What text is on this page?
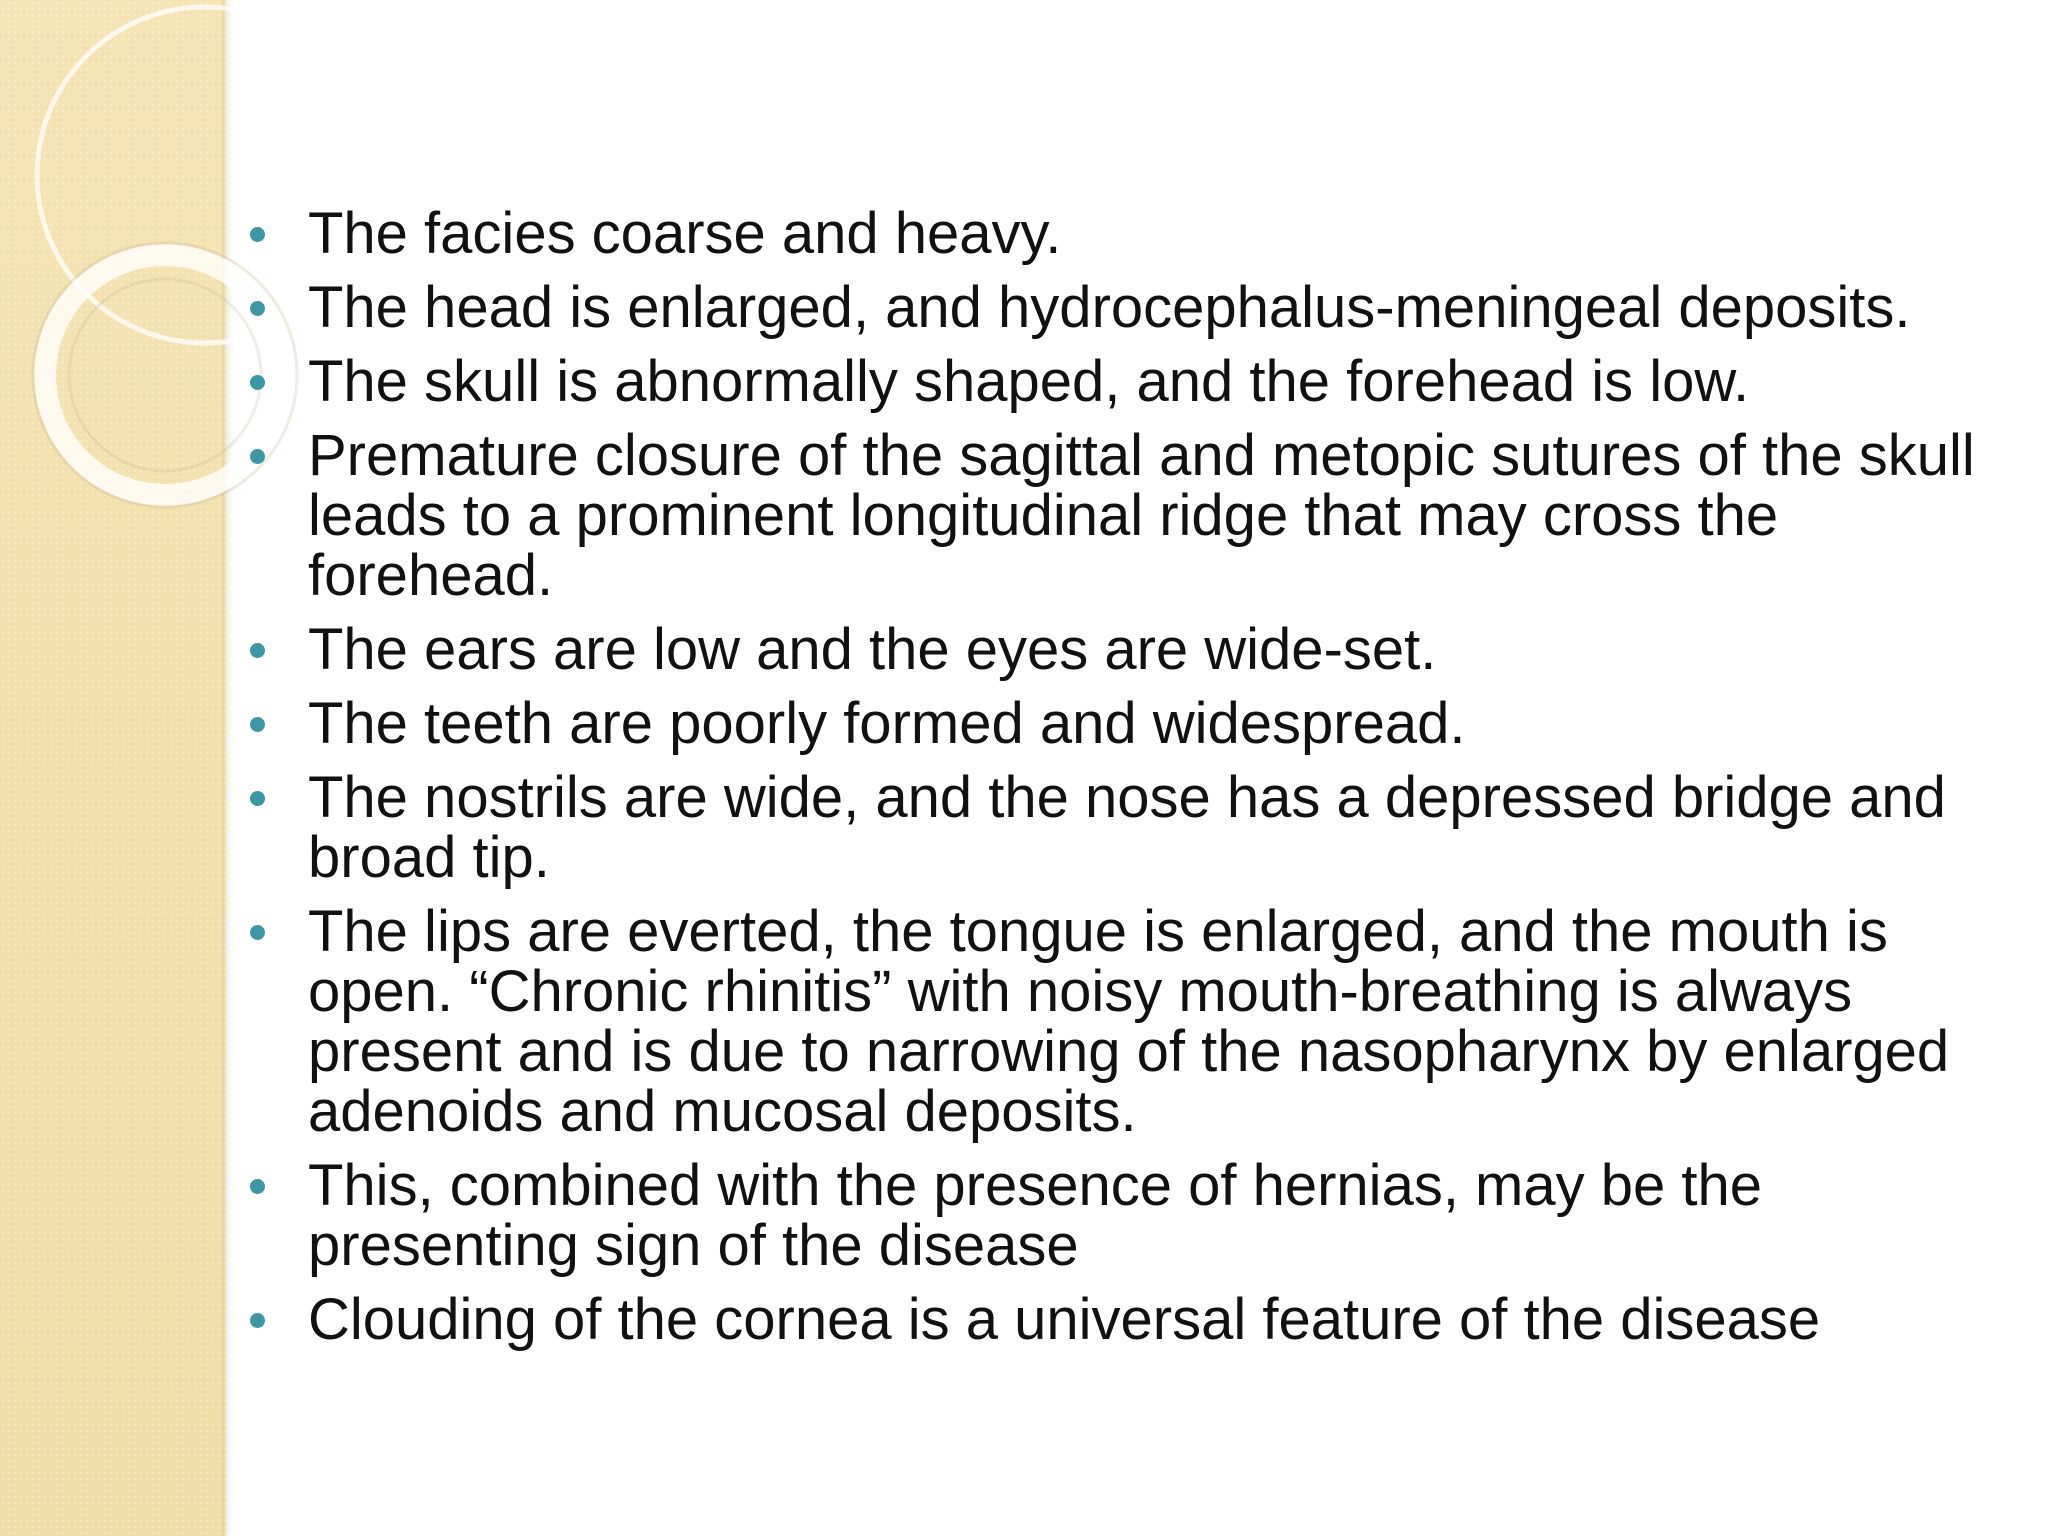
The facies coarse and heavy.
The head is enlarged, and hydrocephalus-meningeal deposits.
The skull is abnormally shaped, and the forehead is low.
Premature closure of the sagittal and metopic sutures of the skull leads to a prominent longitudinal ridge that may cross the forehead.
The ears are low and the eyes are wide-set.
The teeth are poorly formed and widespread.
The nostrils are wide, and the nose has a depressed bridge and broad tip.
The lips are everted, the tongue is enlarged, and the mouth is open. “Chronic rhinitis” with noisy mouth-breathing is always present and is due to narrowing of the nasopharynx by enlarged adenoids and mucosal deposits.
This, combined with the presence of hernias, may be the presenting sign of the disease
Clouding of the cornea is a universal feature of the disease
